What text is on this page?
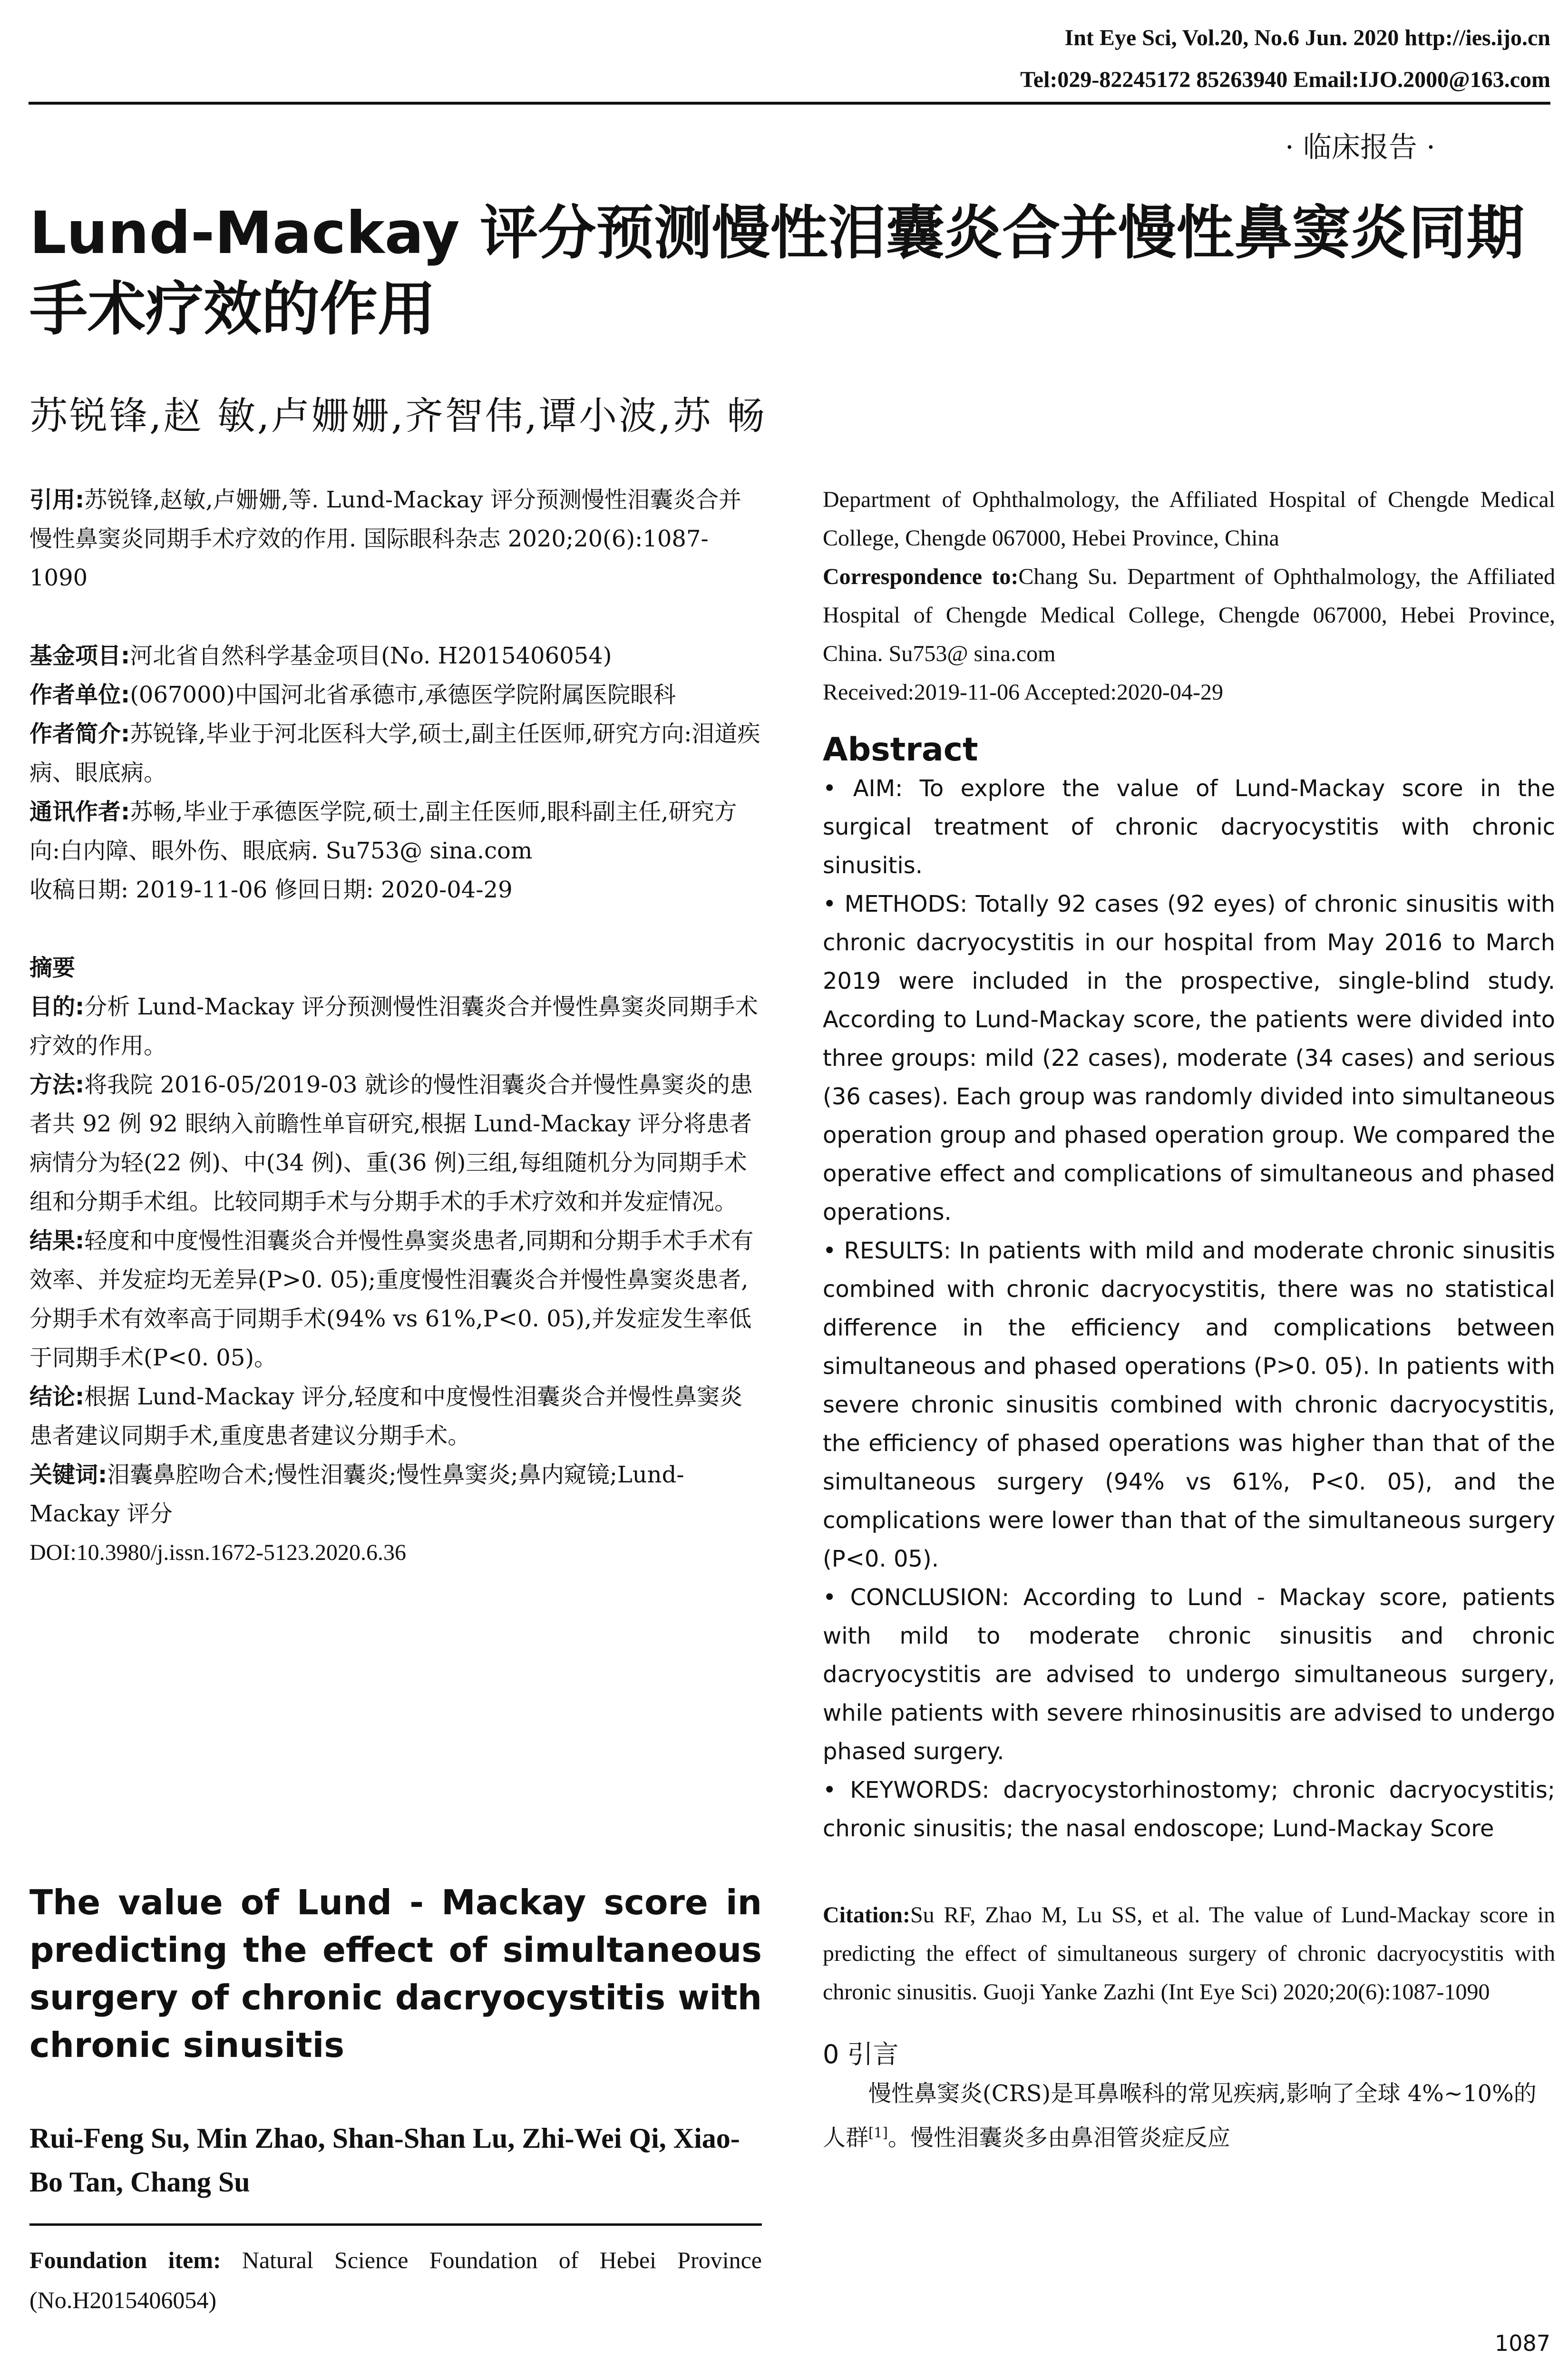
Int Eye Sci, Vol.20, No.6 Jun. 2020 http://ies.ijo.cn
Tel:029-82245172 85263940 Email:IJO.2000@163.com
· 临床报告 ·
Lund-Mackay 评分预测慢性泪囊炎合并慢性鼻窦炎同期手术疗效的作用
苏锐锋,赵 敏,卢姗姗,齐智伟,谭小波,苏 畅

引用:苏锐锋,赵敏,卢姗姗,等. Lund-Mackay 评分预测慢性泪囊炎合并慢性鼻窦炎同期手术疗效的作用. 国际眼科杂志 2020;20(6):1087-1090

基金项目:河北省自然科学基金项目(No. H2015406054)

作者单位:(067000)中国河北省承德市,承德医学院附属医院眼科

作者简介:苏锐锋,毕业于河北医科大学,硕士,副主任医师,研究方向:泪道疾病、眼底病。

通讯作者:苏畅,毕业于承德医学院,硕士,副主任医师,眼科副主任,研究方向:白内障、眼外伤、眼底病. Su753@ sina.com

收稿日期: 2019-11-06 修回日期: 2020-04-29

摘要

目的:分析 Lund-Mackay 评分预测慢性泪囊炎合并慢性鼻窦炎同期手术疗效的作用。

方法:将我院 2016-05/2019-03 就诊的慢性泪囊炎合并慢性鼻窦炎的患者共 92 例 92 眼纳入前瞻性单盲研究,根据 Lund-Mackay 评分将患者病情分为轻(22 例)、中(34 例)、重(36 例)三组,每组随机分为同期手术组和分期手术组。比较同期手术与分期手术的手术疗效和并发症情况。

结果:轻度和中度慢性泪囊炎合并慢性鼻窦炎患者,同期和分期手术手术有效率、并发症均无差异(P>0. 05);重度慢性泪囊炎合并慢性鼻窦炎患者,分期手术有效率高于同期手术(94% vs 61%,P<0. 05),并发症发生率低于同期手术(P<0. 05)。

结论:根据 Lund-Mackay 评分,轻度和中度慢性泪囊炎合并慢性鼻窦炎患者建议同期手术,重度患者建议分期手术。

关键词:泪囊鼻腔吻合术;慢性泪囊炎;慢性鼻窦炎;鼻内窥镜;Lund-Mackay 评分

DOI:10.3980/j.issn.1672-5123.2020.6.36

The value of Lund - Mackay score in predicting the effect of simultaneous surgery of chronic dacryocystitis with chronic sinusitis
Rui-Feng Su, Min Zhao, Shan-Shan Lu, Zhi-Wei Qi, Xiao-Bo Tan, Chang Su
Foundation item: Natural Science Foundation of Hebei Province (No.H2015406054)

Department of Ophthalmology, the Affiliated Hospital of Chengde Medical College, Chengde 067000, Hebei Province, China

Correspondence to:Chang Su. Department of Ophthalmology, the Affiliated Hospital of Chengde Medical College, Chengde 067000, Hebei Province, China. Su753@ sina.com

Received:2019-11-06 Accepted:2020-04-29

Abstract

• AIM: To explore the value of Lund-Mackay score in the surgical treatment of chronic dacryocystitis with chronic sinusitis.

• METHODS: Totally 92 cases (92 eyes) of chronic sinusitis with chronic dacryocystitis in our hospital from May 2016 to March 2019 were included in the prospective, single-blind study. According to Lund-Mackay score, the patients were divided into three groups: mild (22 cases), moderate (34 cases) and serious (36 cases). Each group was randomly divided into simultaneous operation group and phased operation group. We compared the operative effect and complications of simultaneous and phased operations.

• RESULTS: In patients with mild and moderate chronic sinusitis combined with chronic dacryocystitis, there was no statistical difference in the efficiency and complications between simultaneous and phased operations (P>0. 05). In patients with severe chronic sinusitis combined with chronic dacryocystitis, the efficiency of phased operations was higher than that of the simultaneous surgery (94% vs 61%, P<0. 05), and the complications were lower than that of the simultaneous surgery (P<0. 05).

• CONCLUSION: According to Lund - Mackay score, patients with mild to moderate chronic sinusitis and chronic dacryocystitis are advised to undergo simultaneous surgery, while patients with severe rhinosinusitis are advised to undergo phased surgery.

• KEYWORDS: dacryocystorhinostomy; chronic dacryocystitis; chronic sinusitis; the nasal endoscope; Lund-Mackay Score

Citation:Su RF, Zhao M, Lu SS, et al. The value of Lund-Mackay score in predicting the effect of simultaneous surgery of chronic dacryocystitis with chronic sinusitis. Guoji Yanke Zazhi (Int Eye Sci) 2020;20(6):1087-1090

0 引言

慢性鼻窦炎(CRS)是耳鼻喉科的常见疾病,影响了全球 4%~10%的人群[1]。慢性泪囊炎多由鼻泪管炎症反应

1087
